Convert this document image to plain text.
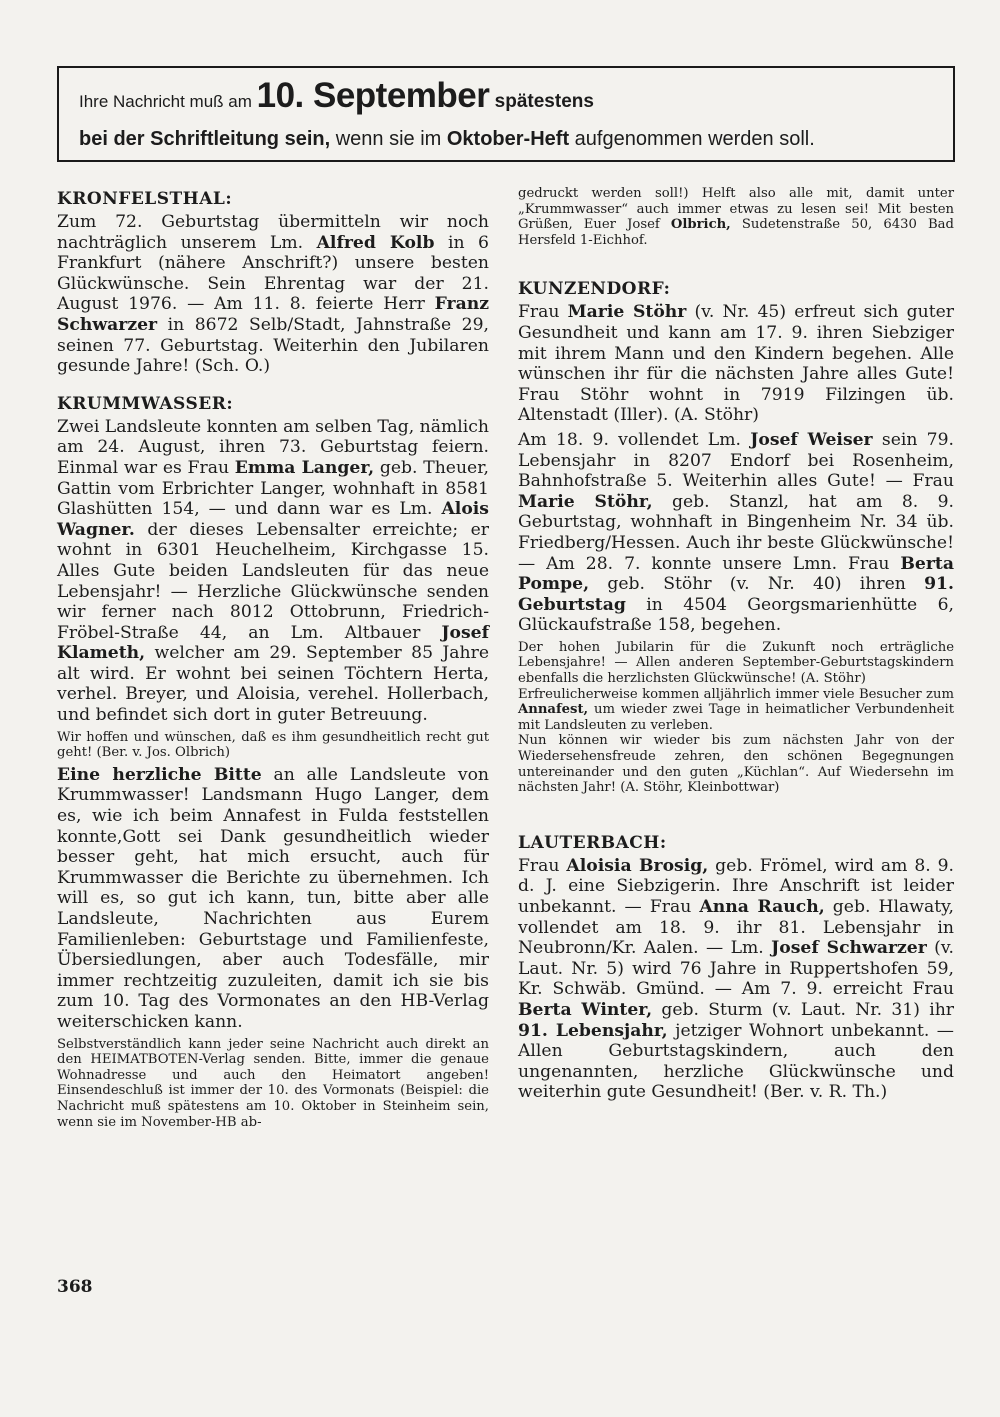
Ihre Nachricht muß am 10. September spätestens
bei der Schriftleitung sein, wenn sie im Oktober-Heft aufgenommen werden soll.
KRONFELSTHAL:

Zum 72. Geburtstag übermitteln wir noch nachträglich unserem Lm. Alfred Kolb in 6 Frankfurt (nähere Anschrift?) unsere besten Glückwünsche. Sein Ehrentag war der 21. August 1976. — Am 11. 8. feierte Herr Franz Schwarzer in 8672 Selb/Stadt, Jahnstraße 29, seinen 77. Geburtstag. Weiterhin den Jubilaren gesunde Jahre! (Sch. O.)

KRUMMWASSER:

Zwei Landsleute konnten am selben Tag, nämlich am 24. August, ihren 73. Geburtstag feiern. Einmal war es Frau Emma Langer, geb. Theuer, Gattin vom Erbrichter Langer, wohnhaft in 8581 Glashütten 154, — und dann war es Lm. Alois Wagner. der dieses Lebensalter erreichte; er wohnt in 6301 Heuchelheim, Kirchgasse 15. Alles Gute beiden Landsleuten für das neue Lebensjahr! — Herzliche Glückwünsche senden wir ferner nach 8012 Ottobrunn, Friedrich-Fröbel-Straße 44, an Lm. Altbauer Josef Klameth, welcher am 29. September 85 Jahre alt wird. Er wohnt bei seinen Töchtern Herta, verhel. Breyer, und Aloisia, verehel. Hollerbach, und befindet sich dort in guter Betreuung.

Wir hoffen und wünschen, daß es ihm gesundheitlich recht gut geht! (Ber. v. Jos. Olbrich)

Eine herzliche Bitte an alle Landsleute von Krummwasser! Landsmann Hugo Langer, dem es, wie ich beim Annafest in Fulda feststellen konnte,Gott sei Dank gesundheitlich wieder besser geht, hat mich ersucht, auch für Krummwasser die Berichte zu übernehmen. Ich will es, so gut ich kann, tun, bitte aber alle Landsleute, Nachrichten aus Eurem Familienleben: Geburtstage und Familienfeste, Übersiedlungen, aber auch Todesfälle, mir immer rechtzeitig zuzuleiten, damit ich sie bis zum 10. Tag des Vormonates an den HB-Verlag weiterschicken kann.

Selbstverständlich kann jeder seine Nachricht auch direkt an den HEIMATBOTEN-Verlag senden. Bitte, immer die genaue Wohnadresse und auch den Heimatort angeben! Einsendeschluß ist immer der 10. des Vormonats (Beispiel: die Nachricht muß spätestens am 10. Oktober in Steinheim sein, wenn sie im November-HB ab-

gedruckt werden soll!) Helft also alle mit, damit unter „Krummwasser“ auch immer etwas zu lesen sei! Mit besten Grüßen, Euer Josef Olbrich, Sudetenstraße 50, 6430 Bad Hersfeld 1-Eichhof.

KUNZENDORF:

Frau Marie Stöhr (v. Nr. 45) erfreut sich guter Gesundheit und kann am 17. 9. ihren Siebziger mit ihrem Mann und den Kindern begehen. Alle wünschen ihr für die nächsten Jahre alles Gute! Frau Stöhr wohnt in 7919 Filzingen üb. Altenstadt (Iller). (A. Stöhr)

Am 18. 9. vollendet Lm. Josef Weiser sein 79. Lebensjahr in 8207 Endorf bei Rosenheim, Bahnhofstraße 5. Weiterhin alles Gute! — Frau Marie Stöhr, geb. Stanzl, hat am 8. 9. Geburtstag, wohnhaft in Bingenheim Nr. 34 üb. Friedberg/Hessen. Auch ihr beste Glückwünsche! — Am 28. 7. konnte unsere Lmn. Frau Berta Pompe, geb. Stöhr (v. Nr. 40) ihren 91. Geburtstag in 4504 Georgsmarienhütte 6, Glückaufstraße 158, begehen.

Der hohen Jubilarin für die Zukunft noch erträgliche Lebensjahre! — Allen anderen September-Geburtstagskindern ebenfalls die herzlichsten Glückwünsche! (A. Stöhr)

Erfreulicherweise kommen alljährlich immer viele Besucher zum Annafest, um wieder zwei Tage in heimatlicher Verbundenheit mit Landsleuten zu verleben.

Nun können wir wieder bis zum nächsten Jahr von der Wiedersehensfreude zehren, den schönen Begegnungen untereinander und den guten „Küchlan“. Auf Wiedersehn im nächsten Jahr! (A. Stöhr, Kleinbottwar)

LAUTERBACH:

Frau Aloisia Brosig, geb. Frömel, wird am 8. 9. d. J. eine Siebzigerin. Ihre Anschrift ist leider unbekannt. — Frau Anna Rauch, geb. Hlawaty, vollendet am 18. 9. ihr 81. Lebensjahr in Neubronn/Kr. Aalen. — Lm. Josef Schwarzer (v. Laut. Nr. 5) wird 76 Jahre in Ruppertshofen 59, Kr. Schwäb. Gmünd. — Am 7. 9. erreicht Frau Berta Winter, geb. Sturm (v. Laut. Nr. 31) ihr 91. Lebensjahr, jetziger Wohnort unbekannt. — Allen Geburtstagskindern, auch den ungenannten, herzliche Glückwünsche und weiterhin gute Gesundheit! (Ber. v. R. Th.)

368
